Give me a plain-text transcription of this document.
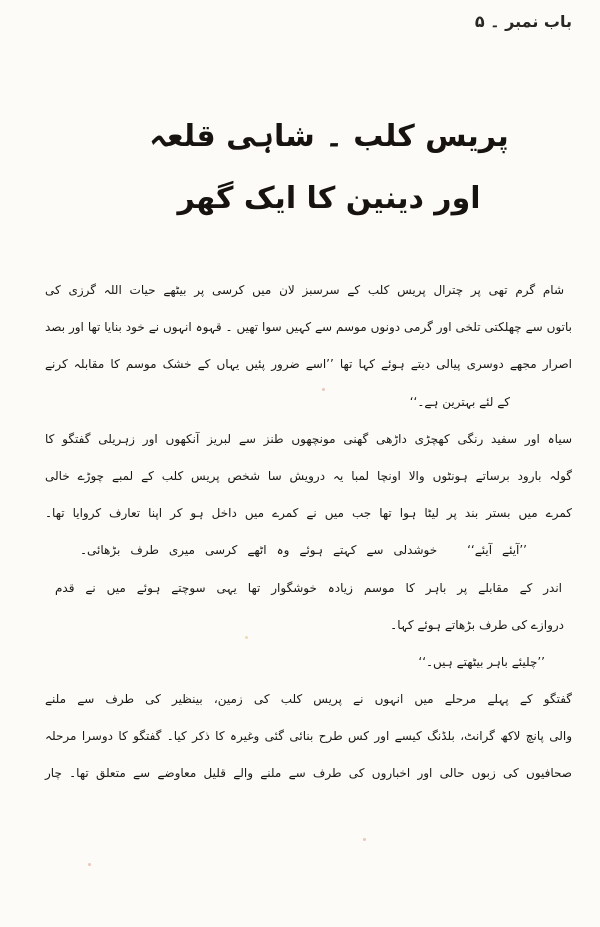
باب نمبر ۔ ۵
پریس کلب ۔ شاہی قلعہ
اور دینین کا ایک گھر
شام گرم تھی پر چترال پریس کلب کے سرسبز لان میں کرسی پر بیٹھے حیات اللہ گرزی کی
باتوں سے چھلکتی تلخی اور گرمی دونوں موسم سے کہیں سوا تھیں ۔ قہوہ انہوں نے خود بنایا تھا اور بصد
اصرار مجھے دوسری پیالی دیتے ہوئے کہا تھا ’’اسے ضرور پئیں یہاں کے خشک موسم کا مقابلہ کرنے
کے لئے بہترین ہے۔‘‘
سیاہ اور سفید رنگی کھچڑی داڑھی گھنی مونچھوں طنز سے لبریز آنکھوں اور زہریلی گفتگو کا
گولہ بارود برساتے ہونٹوں والا اونچا لمبا یہ درویش سا شخص پریس کلب کے لمبے چوڑے خالی
کمرے میں بستر بند پر لیٹا ہوا تھا جب میں نے کمرے میں داخل ہو کر اپنا تعارف کروایا تھا۔
’’آیئے آیئے‘‘   خوشدلی سے کہتے ہوئے وہ اٹھے کرسی میری طرف بڑھائی۔
اندر کے مقابلے پر باہر کا موسم زیادہ خوشگوار تھا یہی سوچتے ہوئے میں نے قدم
دروازے کی طرف بڑھاتے ہوئے کہا۔
’’چلیئے باہر بیٹھتے ہیں۔‘‘
گفتگو کے پہلے مرحلے میں انہوں نے پریس کلب کی زمین، بینظیر کی طرف سے ملنے
والی پانچ لاکھ گرانٹ، بلڈنگ کیسے اور کس طرح بنائی گئی وغیرہ کا ذکر کیا۔ گفتگو کا دوسرا مرحلہ
صحافیوں کی زبوں حالی اور اخباروں کی طرف سے ملنے والے قلیل معاوضے سے متعلق تھا۔ چار
